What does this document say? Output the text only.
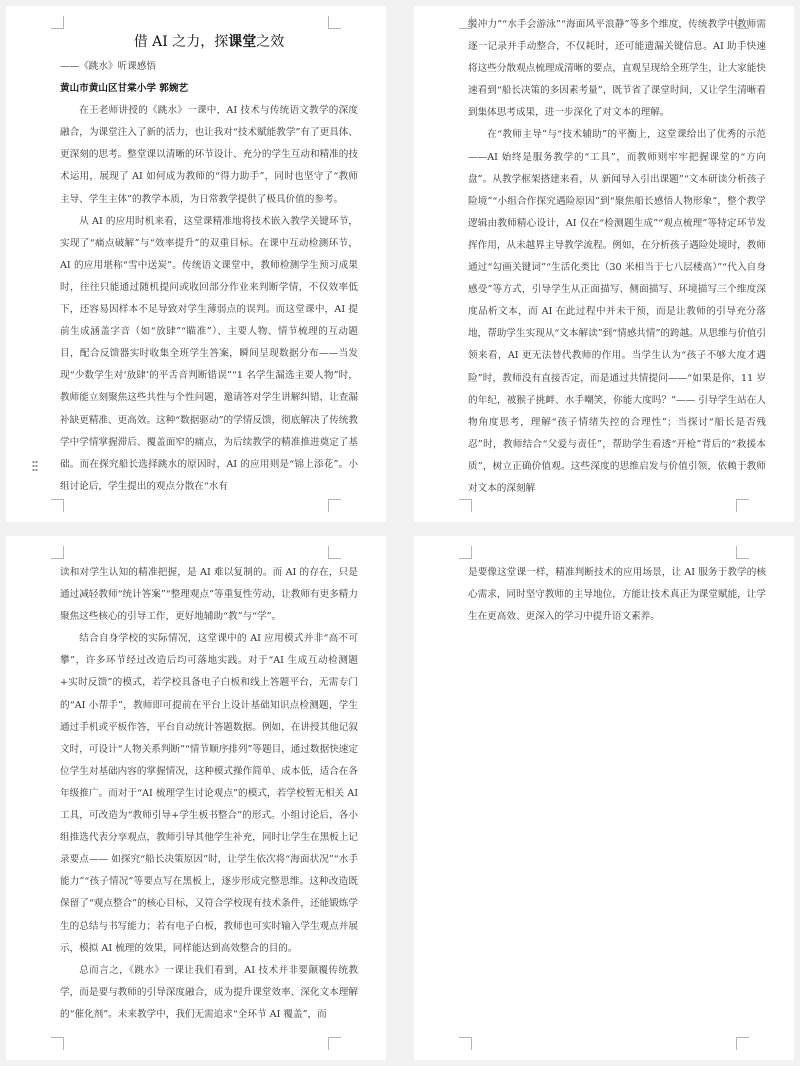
借 AI 之力，探课堂之效

——《跳水》听课感悟

黄山市黄山区甘棠小学 郭婉艺

在王老师讲授的《跳水》一课中，AI 技术与传统语文教学的深度融合，为课堂注入了新的活力，也让我对“技术赋能教学”有了更具体、更深刻的思考。整堂课以清晰的环节设计、充分的学生互动和精准的技术运用，展现了 AI 如何成为教师的“得力助手”，同时也坚守了“教师主导、学生主体”的教学本质，为日常教学提供了极具价值的参考。

从 AI 的应用时机来看，这堂课精准地将技术嵌入教学关键环节，实现了“痛点破解”与“效率提升”的双重目标。在课中互动检测环节，AI 的应用堪称“雪中送炭”。传统语文课堂中，教师检测学生预习成果时，往往只能通过随机提问或收回部分作业来判断学情，不仅效率低下，还容易因样本不足导致对学生薄弱点的误判。而这堂课中，AI 提前生成涵盖字音（如“放肆”“瞄准”）、主要人物、情节梳理的互动题目，配合反馈器实时收集全班学生答案，瞬间呈现数据分布——当发现“少数学生对‘放肆’的平舌音判断错误”“1 名学生漏选主要人物”时，教师能立刻聚焦这些共性与个性问题，邀请答对学生讲解纠错，让查漏补缺更精准、更高效。这种“数据驱动”的学情反馈，彻底解决了传统教学中学情掌握滞后、覆盖面窄的痛点，为后续教学的精准推进奠定了基础。而在探究船长选择跳水的原因时，AI 的应用则是“锦上添花”。小组讨论后，学生提出的观点分散在“水有

缓冲力”“水手会游泳”“海面风平浪静”等多个维度，传统教学中教师需逐一记录并手动整合，不仅耗时，还可能遗漏关键信息。AI 助手快速将这些分散观点梳理成清晰的要点，直观呈现给全班学生，让大家能快速看到“船长决策的多因素考量”，既节省了课堂时间，又让学生清晰看到集体思考成果，进一步深化了对文本的理解。

在“教师主导”与“技术辅助”的平衡上，这堂课给出了优秀的示范——AI 始终是服务教学的“工具”，而教师则牢牢把握课堂的“方向盘”。从教学框架搭建来看，从 新闻导入引出课题”“文本研读分析孩子险境”“小组合作探究遇险原因”到“聚焦船长感悟人物形象”，整个教学逻辑由教师精心设计，AI 仅在“检测题生成”“观点梳理”等特定环节发挥作用，从未越界主导教学流程。例如，在分析孩子遇险处境时，教师通过“勾画关键词”“生活化类比（30 米相当于七八层楼高）”“代入自身感受”等方式，引导学生从正面描写、侧面描写、环境描写三个维度深度品析文本，而 AI 在此过程中并未干预，而是让教师的引导充分落地，帮助学生实现从“文本解读”到“情感共情”的跨越。从思维与价值引领来看，AI 更无法替代教师的作用。当学生认为“孩子不够大度才遇险”时，教师没有直接否定，而是通过共情提问——“如果是你，11 岁的年纪，被猴子挑衅、水手嘲笑，你能大度吗？”—— 引导学生站在人物角度思考，理解“孩子情绪失控的合理性”；当探讨“船长是否残忍”时，教师结合“父爱与责任”，帮助学生看透“开枪”背后的“救援本质”，树立正确价值观。这些深度的思维启发与价值引领，依赖于教师对文本的深刻解

读和对学生认知的精准把握，是 AI 难以复制的。而 AI 的存在，只是通过减轻教师“统计答案”“整理观点”等重复性劳动，让教师有更多精力聚焦这些核心的引导工作，更好地辅助“教”与“学”。

结合自身学校的实际情况，这堂课中的 AI 应用模式并非“高不可攀”，许多环节经过改造后均可落地实践。对于“AI 生成互动检测题+实时反馈”的模式，若学校具备电子白板和线上答题平台，无需专门的“AI 小帮手”，教师即可提前在平台上设计基础知识点检测题，学生通过手机或平板作答，平台自动统计答题数据。例如，在讲授其他记叙文时，可设计“人物关系判断”“情节顺序排列”等题目，通过数据快速定位学生对基础内容的掌握情况，这种模式操作简单、成本低，适合在各年级推广。而对于“AI 梳理学生讨论观点”的模式，若学校暂无相关 AI 工具，可改造为“教师引导+学生板书整合”的形式。小组讨论后，各小组推选代表分享观点，教师引导其他学生补充，同时让学生在黑板上记录要点—— 如探究“船长决策原因”时，让学生依次将“海面状况”“水手能力”“孩子情况”等要点写在黑板上，逐步形成完整思维。这种改造既保留了“观点整合”的核心目标，又符合学校现有技术条件，还能锻炼学生的总结与书写能力；若有电子白板，教师也可实时输入学生观点并展示，模拟 AI 梳理的效果，同样能达到高效整合的目的。

总而言之，《跳水》一课让我们看到，AI 技术并非要颠覆传统教学，而是要与教师的引导深度融合，成为提升课堂效率、深化文本理解的“催化剂”。未来教学中，我们无需追求“全环节 AI 覆盖”，而

是要像这堂课一样，精准判断技术的应用场景，让 AI 服务于教学的核心需求，同时坚守教师的主导地位，方能让技术真正为课堂赋能，让学生在更高效、更深入的学习中提升语文素养。
